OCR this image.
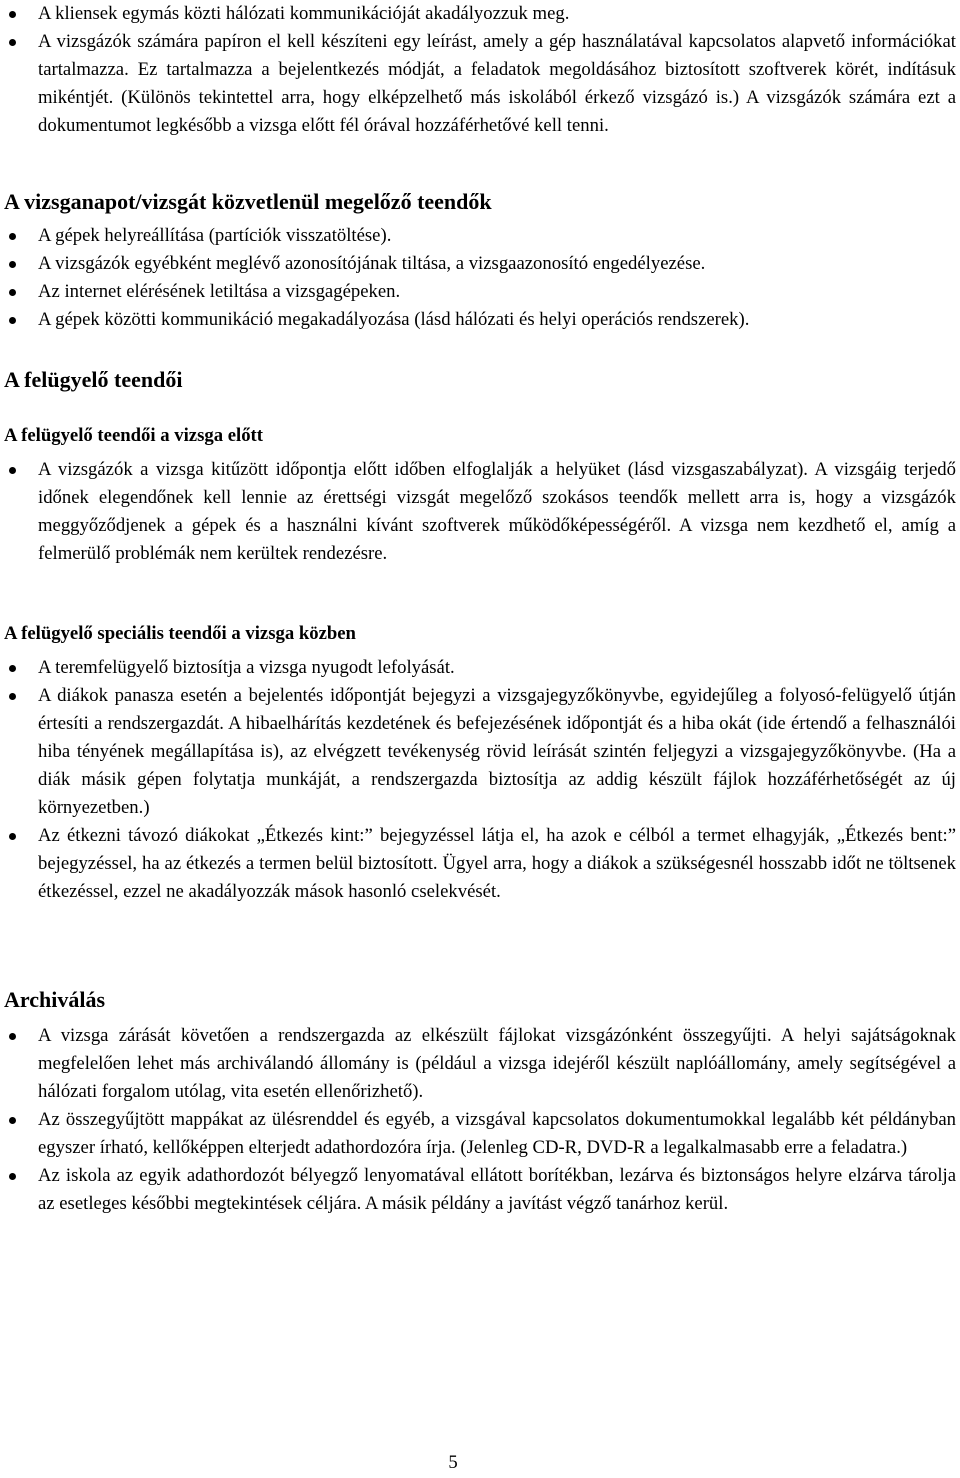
A kliensek egymás közti hálózati kommunikációját akadályozzuk meg.
A vizsgázók számára papíron el kell készíteni egy leírást, amely a gép használatával kapcsolatos alapvető információkat tartalmazza. Ez tartalmazza a bejelentkezés módját, a feladatok megoldásához biztosított szoftverek körét, indításuk mikéntjét. (Különös tekintettel arra, hogy elképzelhető más iskolából érkező vizsgázó is.) A vizsgázók számára ezt a dokumentumot legkésőbb a vizsga előtt fél órával hozzáférhetővé kell tenni.
A vizsganapot/vizsgát közvetlenül megelőző teendők
A gépek helyreállítása (partíciók visszatöltése).
A vizsgázók egyébként meglévő azonosítójának tiltása, a vizsgaazonosító engedélyezése.
Az internet elérésének letiltása a vizsgagépeken.
A gépek közötti kommunikáció megakadályozása (lásd hálózati és helyi operációs rendszerek).
A felügyelő teendői
A felügyelő teendői a vizsga előtt
A vizsgázók a vizsga kitűzött időpontja előtt időben elfoglalják a helyüket (lásd vizsgaszabályzat). A vizsgáig terjedő időnek elegendőnek kell lennie az érettségi vizsgát megelőző szokásos teendők mellett arra is, hogy a vizsgázók meggyőződjenek a gépek és a használni kívánt szoftverek működőképességéről. A vizsga nem kezdhető el, amíg a felmerülő problémák nem kerültek rendezésre.
A felügyelő speciális teendői a vizsga közben
A teremfelügyelő biztosítja a vizsga nyugodt lefolyását.
A diákok panasza esetén a bejelentés időpontját bejegyzi a vizsgajegyzőkönyvbe, egyidejűleg a folyosó-felügyelő útján értesíti a rendszergazdát. A hibaelhárítás kezdetének és befejezésének időpontját és a hiba okát (ide értendő a felhasználói hiba tényének megállapítása is), az elvégzett tevékenység rövid leírását szintén feljegyzi a vizsgajegyzőkönyvbe. (Ha a diák másik gépen folytatja munkáját, a rendszergazda biztosítja az addig készült fájlok hozzáférhetőségét az új környezetben.)
Az étkezni távozó diákokat „Étkezés kint:” bejegyzéssel látja el, ha azok e célból a termet elhagyják, „Étkezés bent:” bejegyzéssel, ha az étkezés a termen belül biztosított. Ügyel arra, hogy a diákok a szükségesnél hosszabb időt ne töltsenek étkezéssel, ezzel ne akadályozzák mások hasonló cselekvését.
Archiválás
A vizsga zárását követően a rendszergazda az elkészült fájlokat vizsgázónként összegyűjti. A helyi sajátságoknak megfelelően lehet más archiválandó állomány is (például a vizsga idejéről készült naplóállomány, amely segítségével a hálózati forgalom utólag, vita esetén ellenőrizhető).
Az összegyűjtött mappákat az ülésrenddel és egyéb, a vizsgával kapcsolatos dokumentumokkal legalább két példányban egyszer írható, kellőképpen elterjedt adathordozóra írja. (Jelenleg CD-R, DVD-R a legalkalmasabb erre a feladatra.)
Az iskola az egyik adathordozót bélyegző lenyomatával ellátott borítékban, lezárva és biztonságos helyre elzárva tárolja az esetleges későbbi megtekintések céljára. A másik példány a javítást végző tanárhoz kerül.
5
